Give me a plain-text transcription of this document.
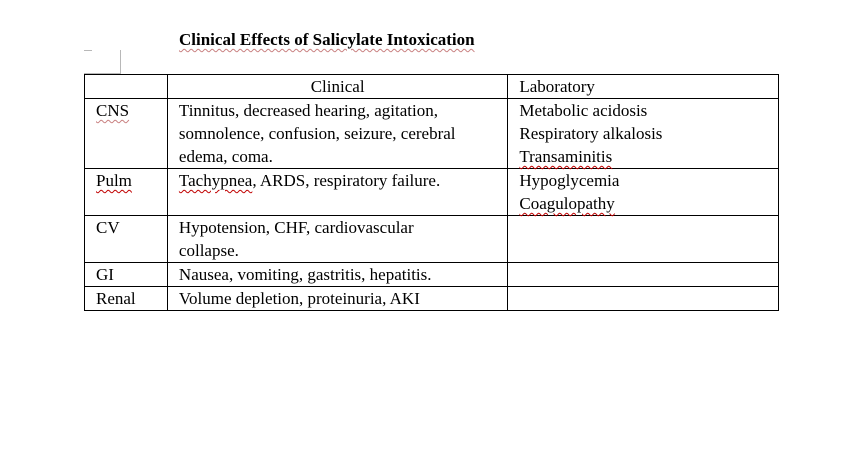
Clinical Effects of Salicylate Intoxication
	Clinical	Laboratory
CNS	Tinnitus, decreased hearing, agitation,
somnolence, confusion, seizure, cerebral
edema, coma.	Metabolic acidosis
Respiratory alkalosis
Transaminitis

Pulm	Tachypnea, ARDS, respiratory failure.	Hypoglycemia
Coagulopathy

CV	Hypotension, CHF, cardiovascular
collapse.	

GI	Nausea, vomiting, gastritis, hepatitis.	

Renal	Volume depletion, proteinuria, AKI	
